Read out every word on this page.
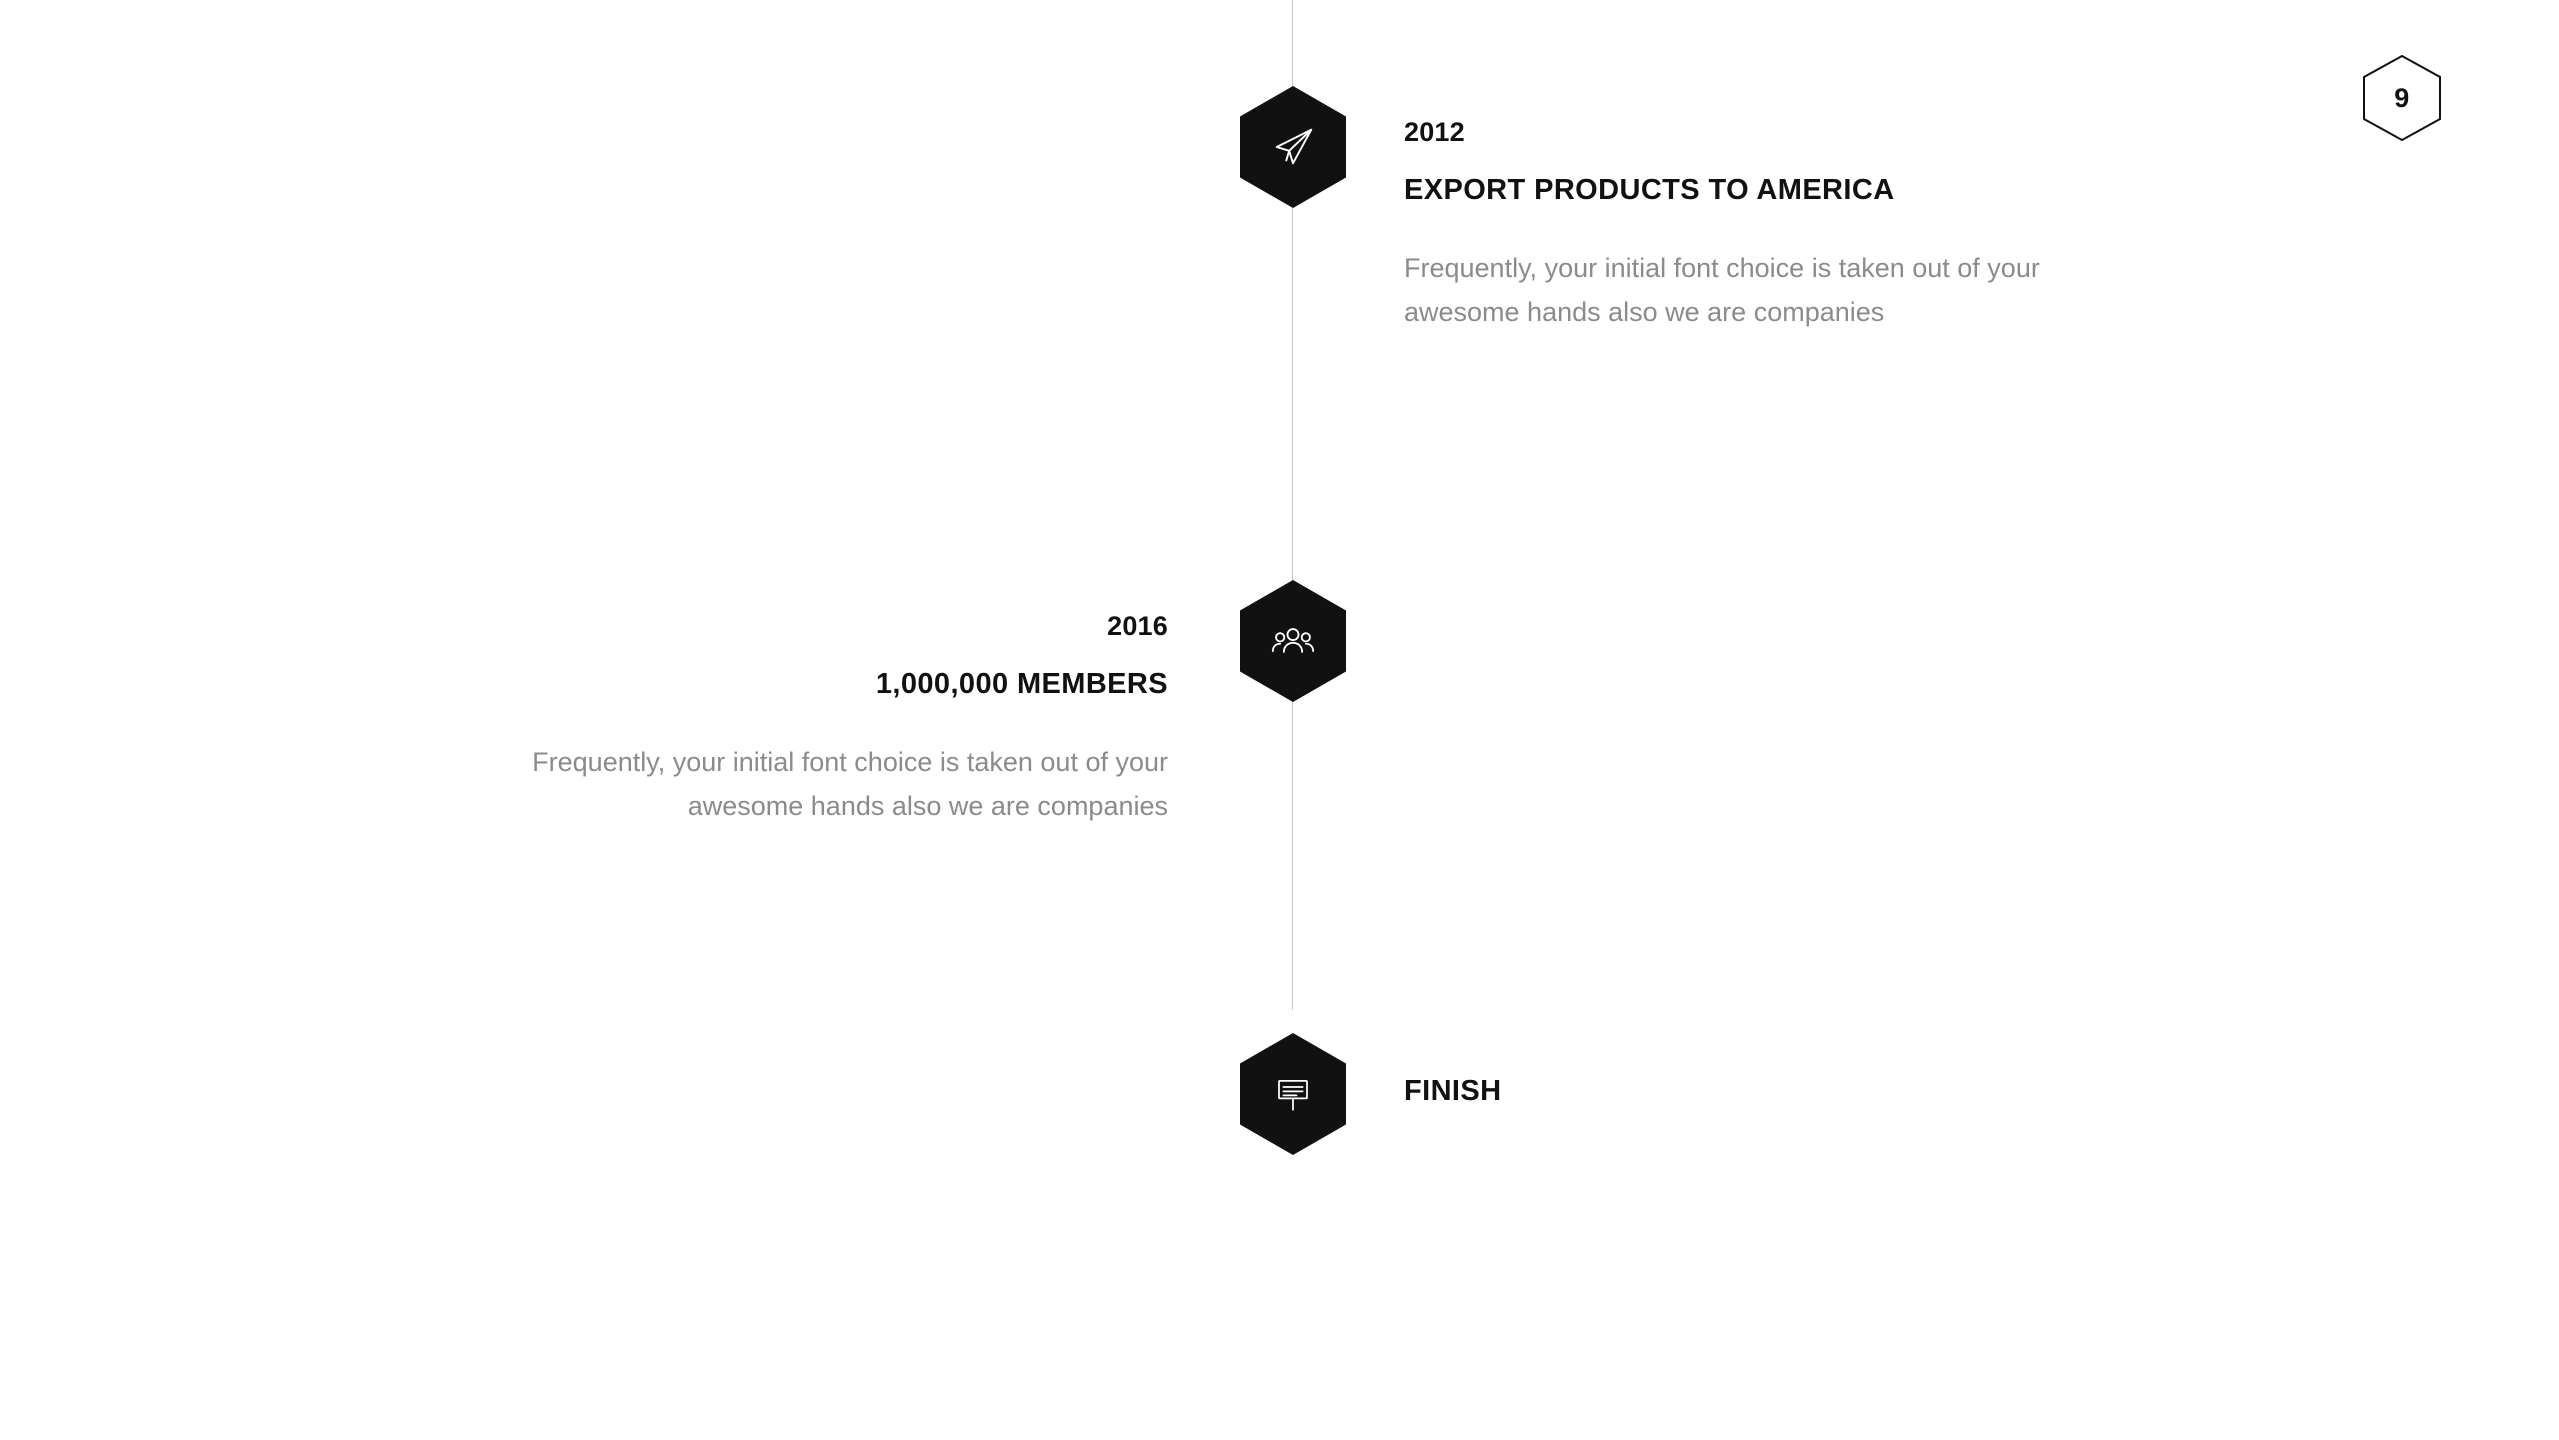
9

2012

EXPORT PRODUCTS TO AMERICA

Frequently, your initial font choice is taken out of your awesome hands also we are companies

2016

1,000,000 MEMBERS

Frequently, your initial font choice is taken out of your awesome hands also we are companies

FINISH
